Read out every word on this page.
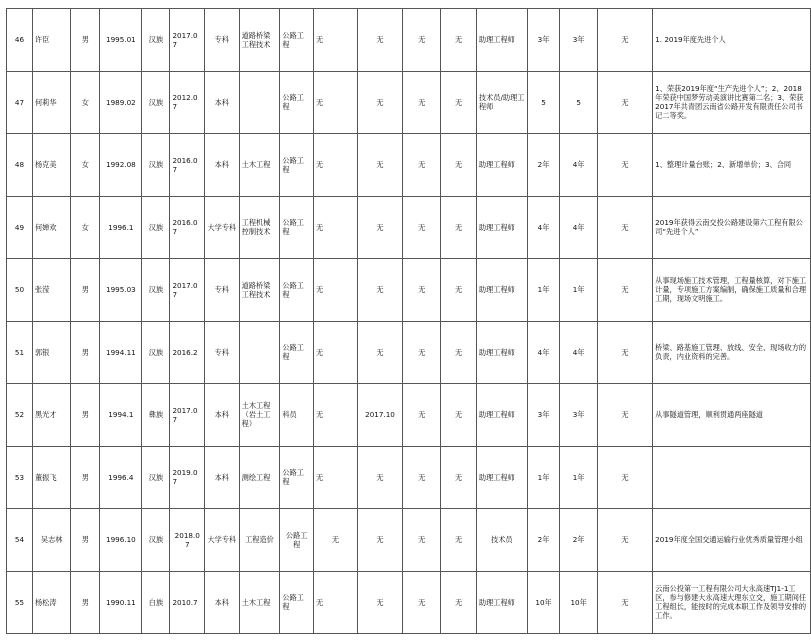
46	许臣	男	1995.01	汉族	2017.07	专科	道路桥梁工程技术	公路工程	无	无	无	无	助理工程师	3年	3年	无	1. 2019年度先进个人
47	何莉华	女	1989.02	汉族	2012.07	本科		公路工程	无	无	无	无	技术员/助理工程师	5	5	无	1、荣获2019年度“生产先进个人”；2、2018年荣获中国梦劳动美演讲比赛第二名；3、荣获2017年共青团云南省公路开发有限责任公司书记二等奖。
48	杨克美	女	1992.08	汉族	2016.07	本科	土木工程	公路工程	无	无	无	无	助理工程师	2年	4年	无	1、整理计量台账；2、新增单价；3、合同
49	何婵欢	女	1996.1	汉族	2016.07	大学专科	工程机械控制技术	公路工程	无	无	无	无	助理工程师	4年	4年	无	2019年获得云南交投公路建设第六工程有限公司“先进个人”
50	张滢	男	1995.03	汉族	2017.07	专科	道路桥梁工程技术	公路工程	无	无	无	无	助理工程师	1年	1年	无	从事现场施工技术管理，工程量核算，对下施工计量，专项施工方案编制，确保施工质量和合理工期，现场文明施工。
51	郭银	男	1994.11	汉族	2016.2	专科		公路工程	无	无	无	无	助理工程师	4年	4年	无	桥梁、路基施工管理、放线、安全、现场收方的负责，内业资料的完善。
52	黑光才	男	1994.1	彝族	2017.07	本科	土木工程（岩土工程）	科员	无	2017.10	无	无	助理工程师	3年	3年	无	从事隧道管理，顺利贯通两座隧道
53	董振飞	男	1996.4	汉族	2019.07	本科	测绘工程	公路工程	无	无	无	无	助理工程师	1年	1年	无	
54	吴志林	男	1996.10	汉族	2018.07	大学专科	工程造价	公路工程	无	无	无	无	技术员	2年	2年	无	2019年度全国交通运输行业优秀质量管理小组
55	杨松涛	男	1990.11	白族	2010.7	本科	土木工程	公路工程	无	无	无	无	助理工程师	10年	10年	无	云南公投第一工程有限公司大永高速TJ1-1工区，参与修建大永高速大理东立交，施工期间任工程组长，能按时的完成本职工作及领导安排的工作。
